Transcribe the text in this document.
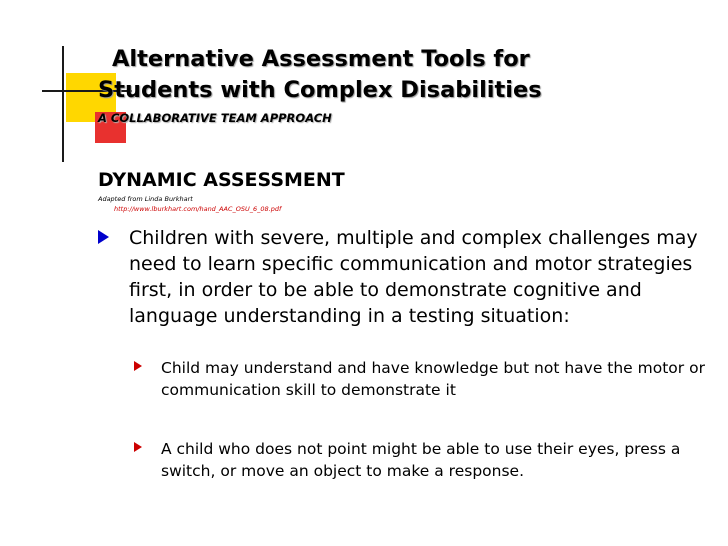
Alternative Assessment Tools for
Students with Complex Disabilities
A COLLABORATIVE TEAM APPROACH
DYNAMIC ASSESSMENT
Adapted from Linda Burkhart
http://www.lburkhart.com/hand_AAC_OSU_6_08.pdf
Children with severe, multiple and complex challenges may need to learn specific communication and motor strategies first, in order to be able to demonstrate cognitive and language understanding in a testing situation:
Child may understand and have knowledge but not have the motor or communication skill to demonstrate it
A child who does not point might be able to use their eyes, press a switch, or move an object to make a response.
